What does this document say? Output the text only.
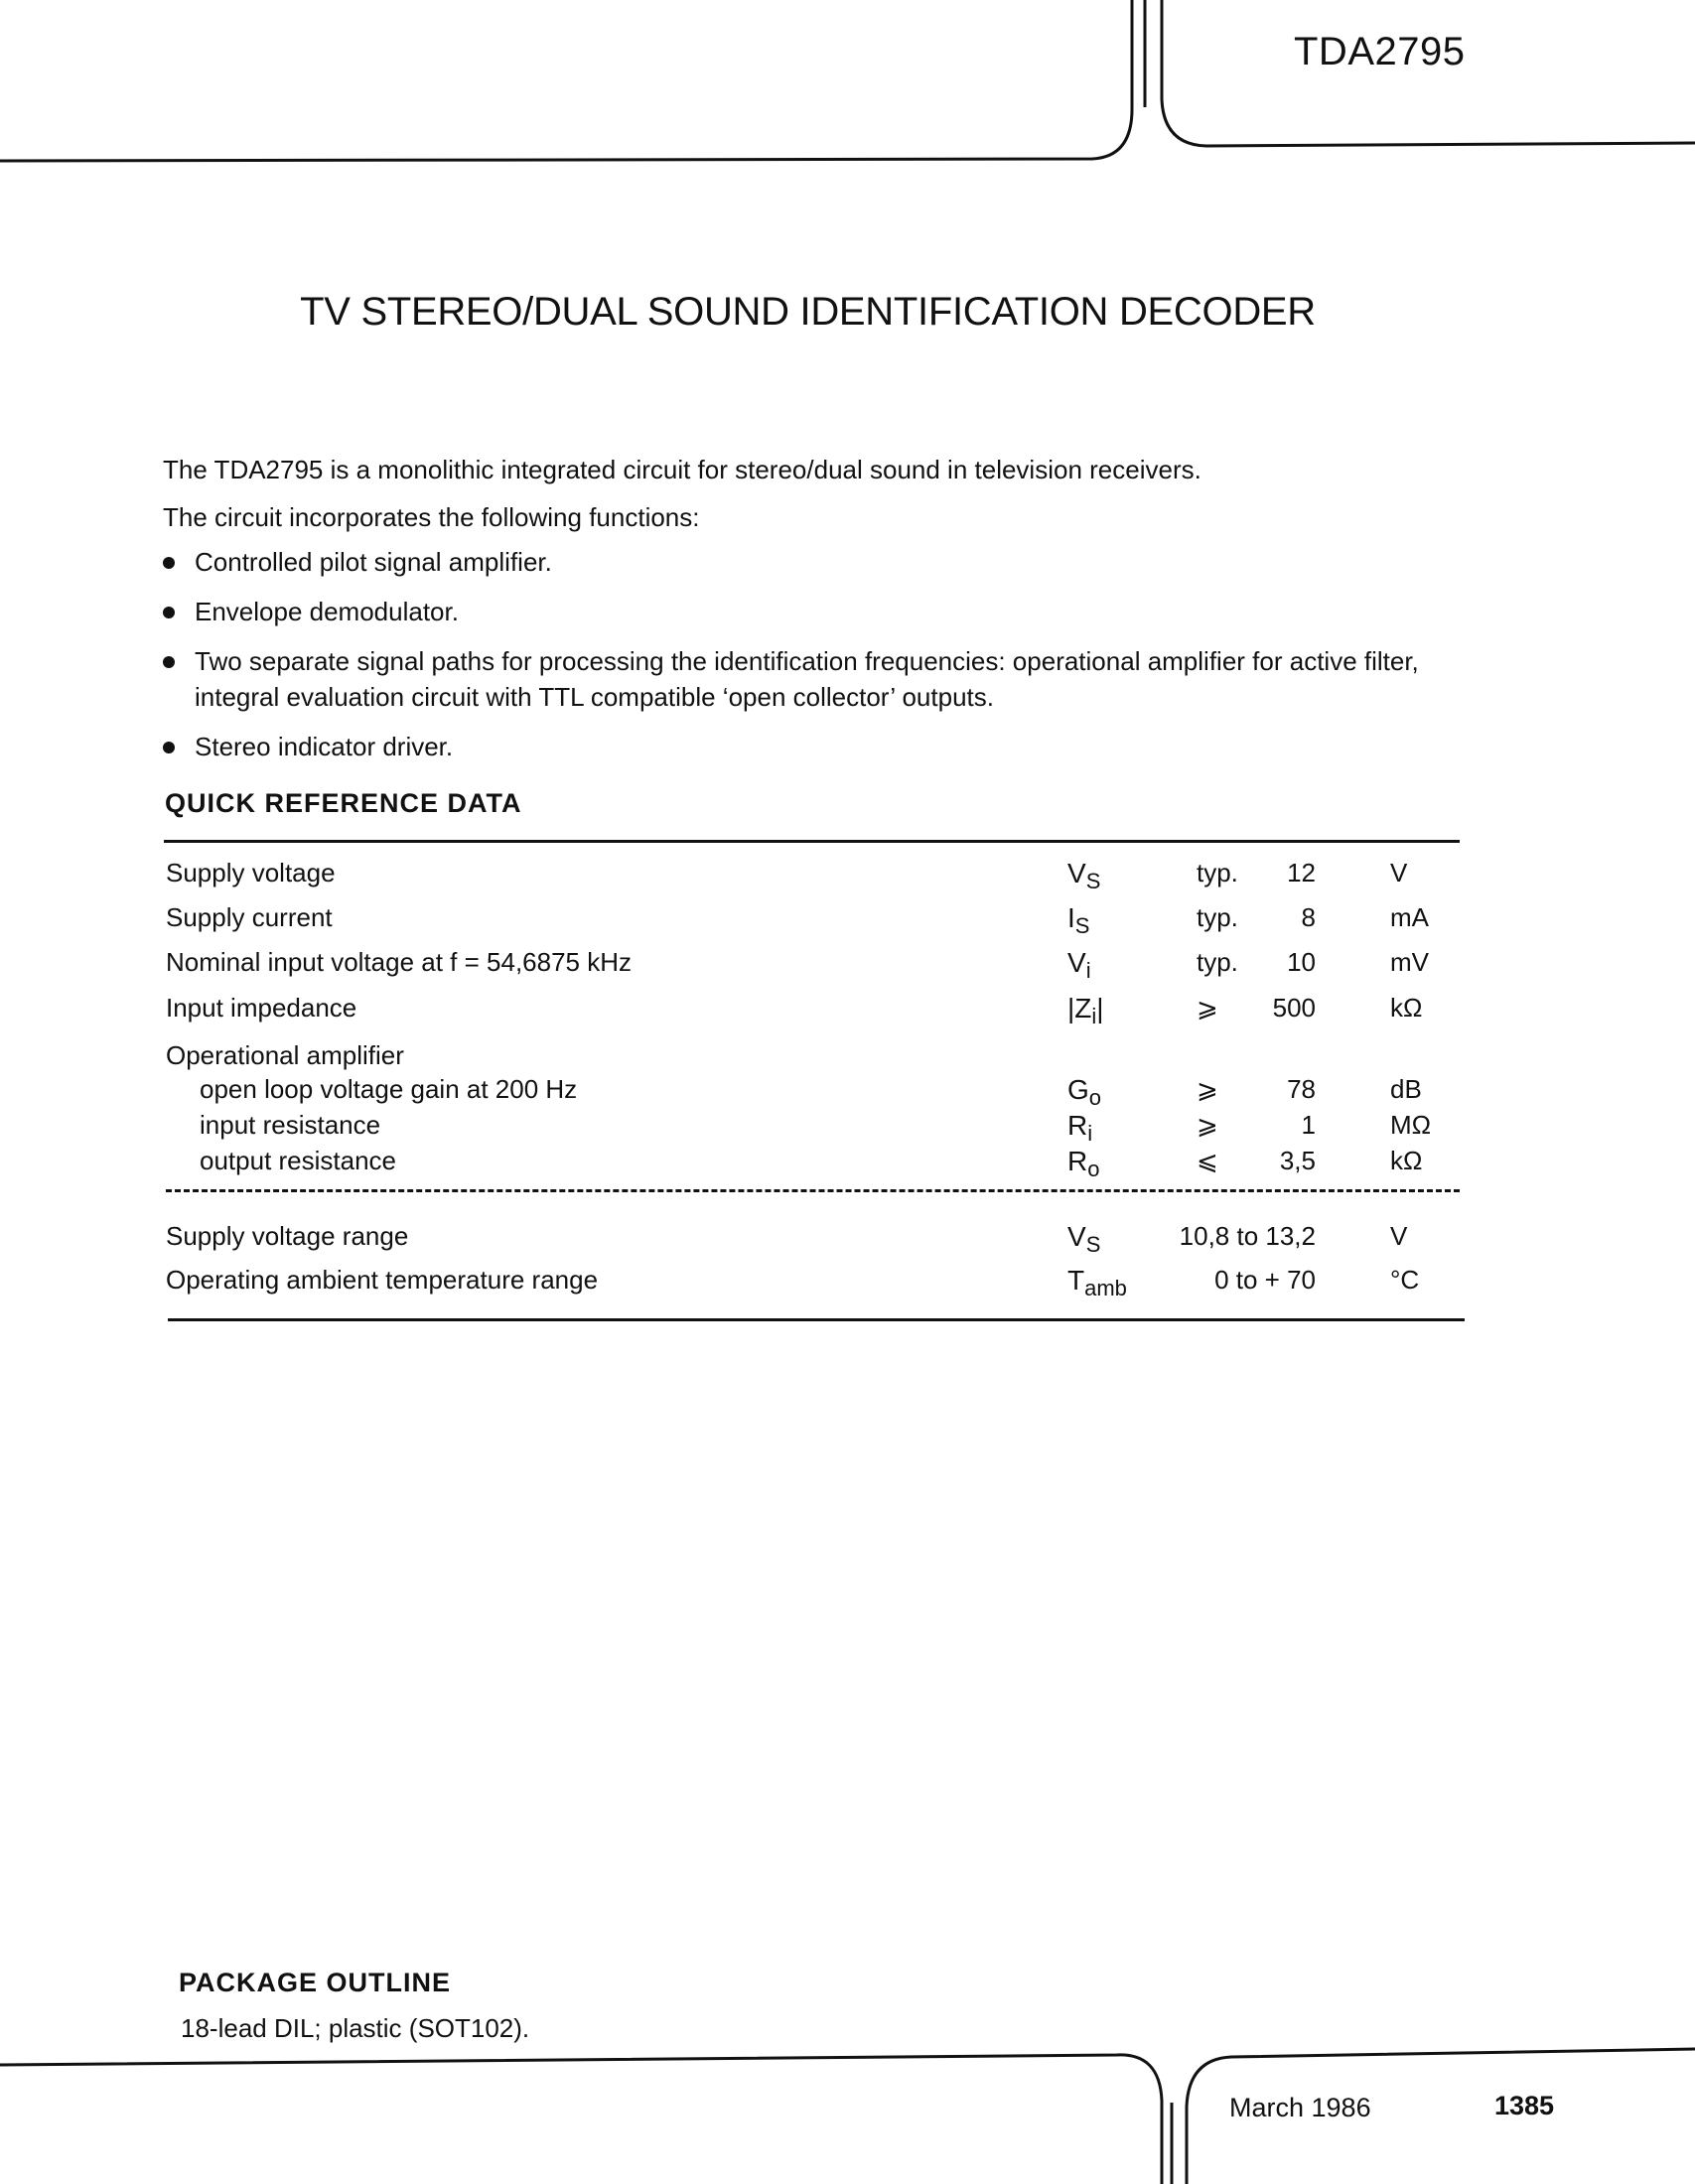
TDA2795
TV STEREO/DUAL SOUND IDENTIFICATION DECODER
The TDA2795 is a monolithic integrated circuit for stereo/dual sound in television receivers.
The circuit incorporates the following functions:
Controlled pilot signal amplifier.
Envelope demodulator.
Two separate signal paths for processing the identification frequencies: operational amplifier for active filter, integral evaluation circuit with TTL compatible ‘open collector’ outputs.
Stereo indicator driver.
QUICK REFERENCE DATA
Supply voltage	$V_S$	typ. 12	V
Supply current	$I_S$	typ. 8	mA
Nominal input voltage at f = 54,6875 kHz	$V_i$	typ. 10	mV
Input impedance	$|Z_i|$	⩾ 500	kΩ
Operational amplifier
open loop voltage gain at 200 Hz	$G_o$	⩾	78	dB
input resistance	$R_i$	⩾	1	MΩ
output resistance	$R_o$	⩽ 3,5	kΩ
Supply voltage range	$V_S$	10,8 to 13,2	V
Operating ambient temperature range	$T_{amb}$	0 to + 70	°C
PACKAGE OUTLINE
18-lead DIL; plastic (SOT102).
March 1986	1385
